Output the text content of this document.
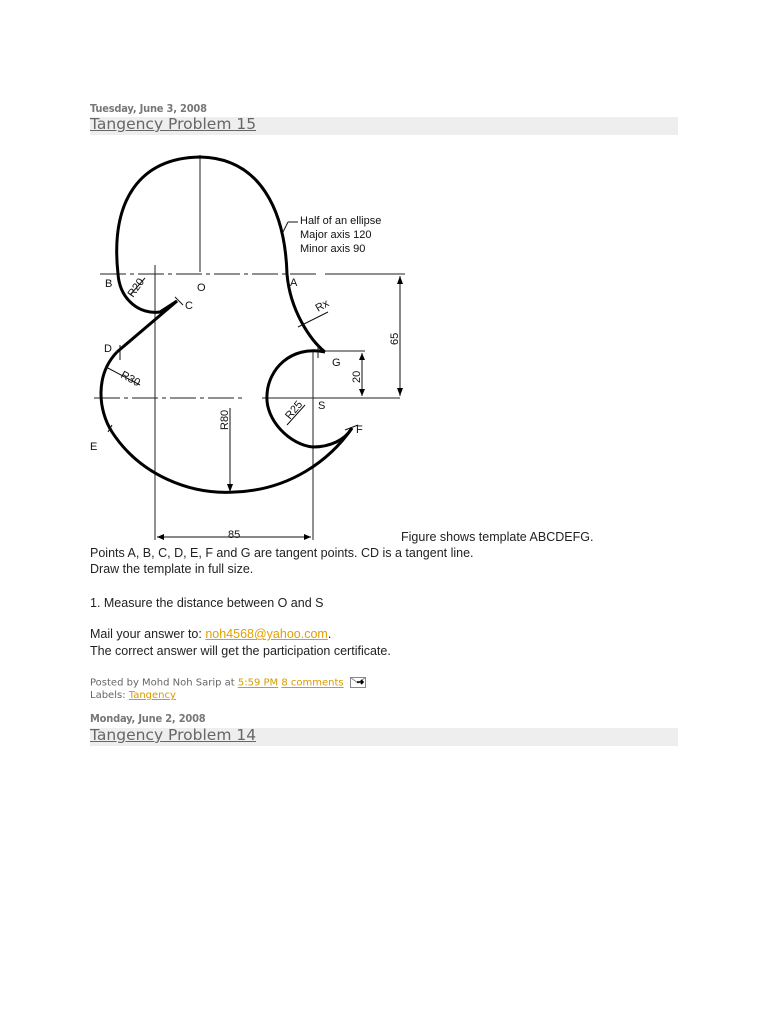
Tuesday, June 3, 2008
Tangency Problem 15
B	O	A
C
D
E
G
S
F
Half of an ellipse
Major axis 120
Minor axis 90
85
65
20
R80
R20
R30
R25
Rx
Figure shows template ABCDEFG.
Points A, B, C, D, E, F and G are tangent points. CD is a tangent line.
Draw the template in full size.
1. Measure the distance between O and S
Mail your answer to: noh4568@yahoo.com.
The correct answer will get the participation certificate.
Posted by Mohd Noh Sarip at 5:59 PM 8 comments
Labels: Tangency
Monday, June 2, 2008
Tangency Problem 14
